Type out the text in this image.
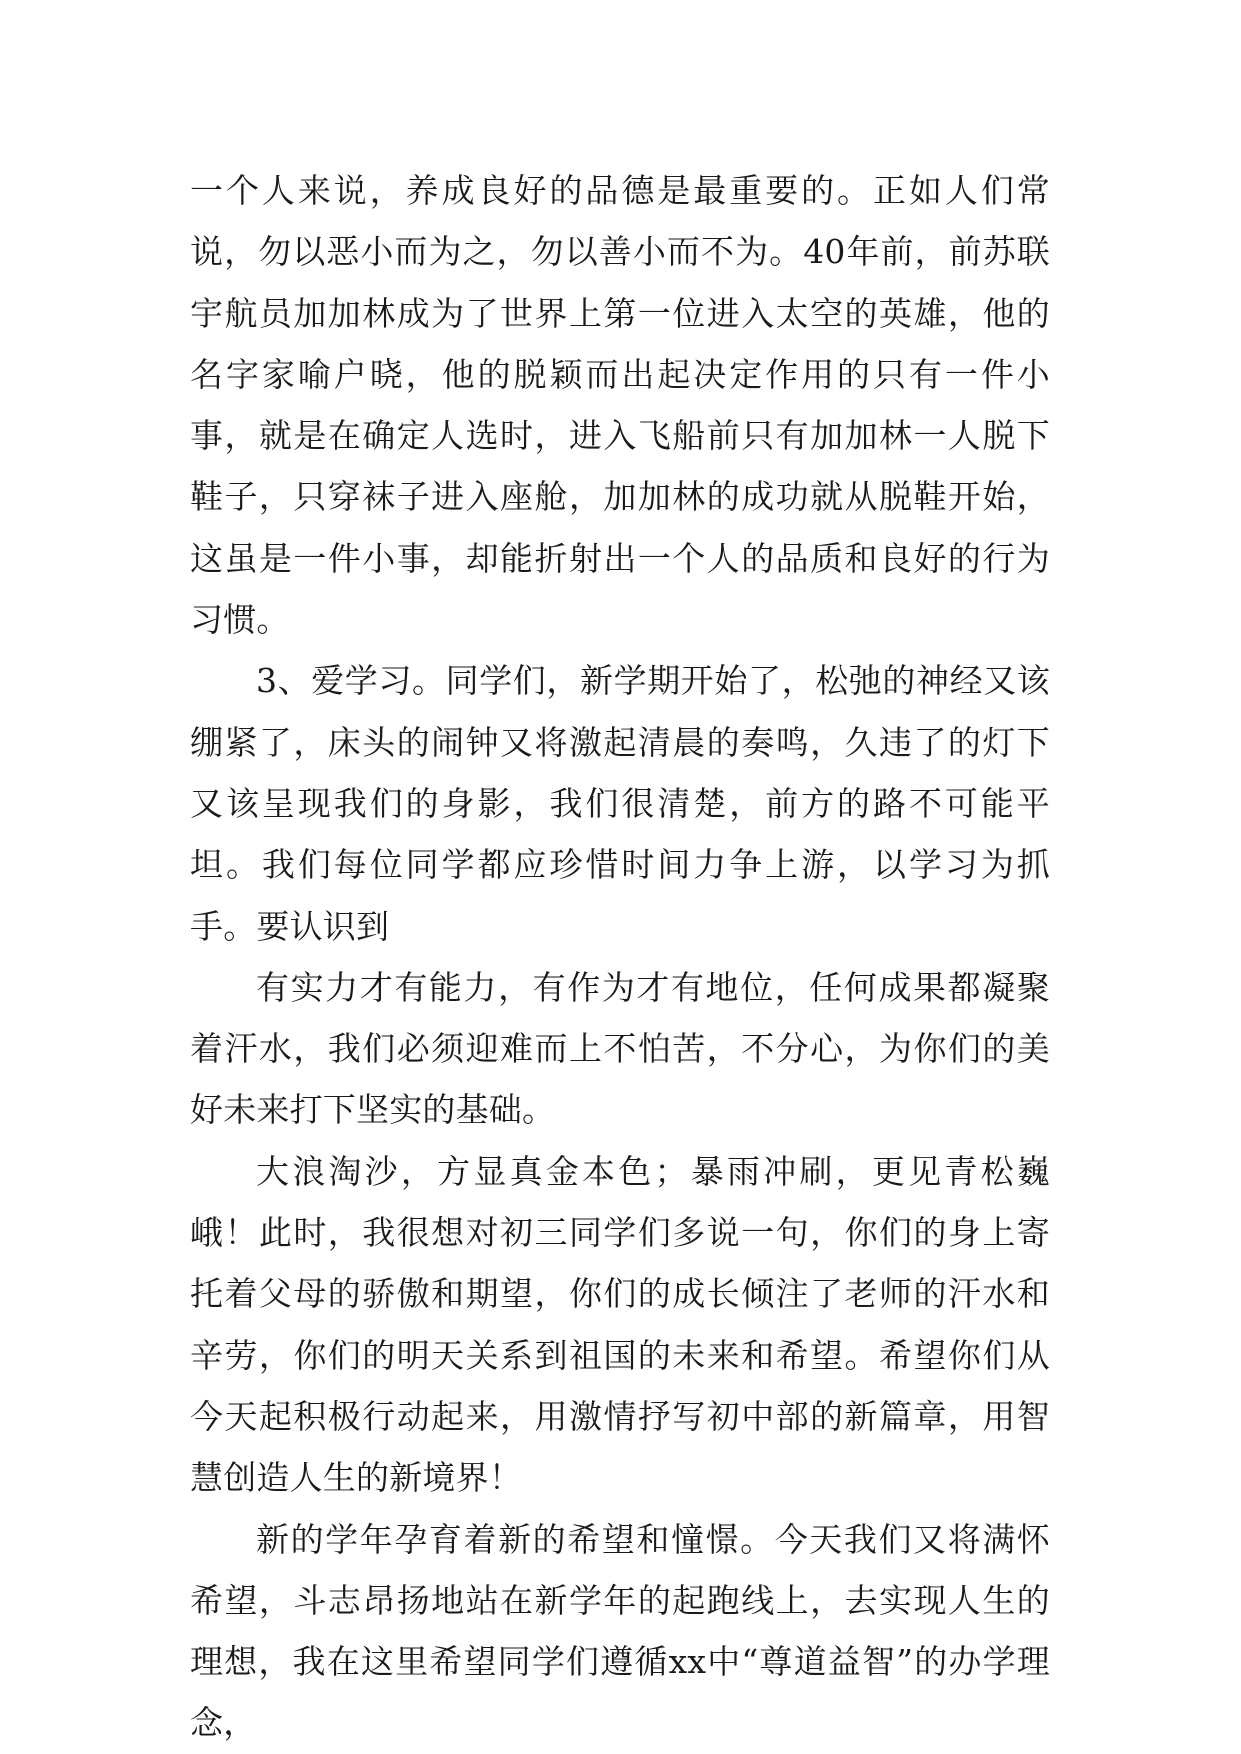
一个人来说，养成良好的品德是最重要的。正如人们常说，勿以恶小而为之，勿以善小而不为。40年前，前苏联宇航员加加林成为了世界上第一位进入太空的英雄，他的名字家喻户晓，他的脱颖而出起决定作用的只有一件小事，就是在确定人选时，进入飞船前只有加加林一人脱下鞋子，只穿袜子进入座舱，加加林的成功就从脱鞋开始，这虽是一件小事，却能折射出一个人的品质和良好的行为习惯。

3、爱学习。同学们，新学期开始了，松弛的神经又该绷紧了，床头的闹钟又将激起清晨的奏鸣，久违了的灯下又该呈现我们的身影，我们很清楚，前方的路不可能平坦。我们每位同学都应珍惜时间力争上游，以学习为抓手。要认识到

有实力才有能力，有作为才有地位，任何成果都凝聚着汗水，我们必须迎难而上不怕苦，不分心，为你们的美好未来打下坚实的基础。

大浪淘沙，方显真金本色；暴雨冲刷，更见青松巍峨！此时，我很想对初三同学们多说一句，你们的身上寄托着父母的骄傲和期望，你们的成长倾注了老师的汗水和辛劳，你们的明天关系到祖国的未来和希望。希望你们从今天起积极行动起来，用激情抒写初中部的新篇章，用智慧创造人生的新境界！

新的学年孕育着新的希望和憧憬。今天我们又将满怀希望，斗志昂扬地站在新学年的起跑线上，去实现人生的理想，我在这里希望同学们遵循xx中“尊道益智”的办学理念，
